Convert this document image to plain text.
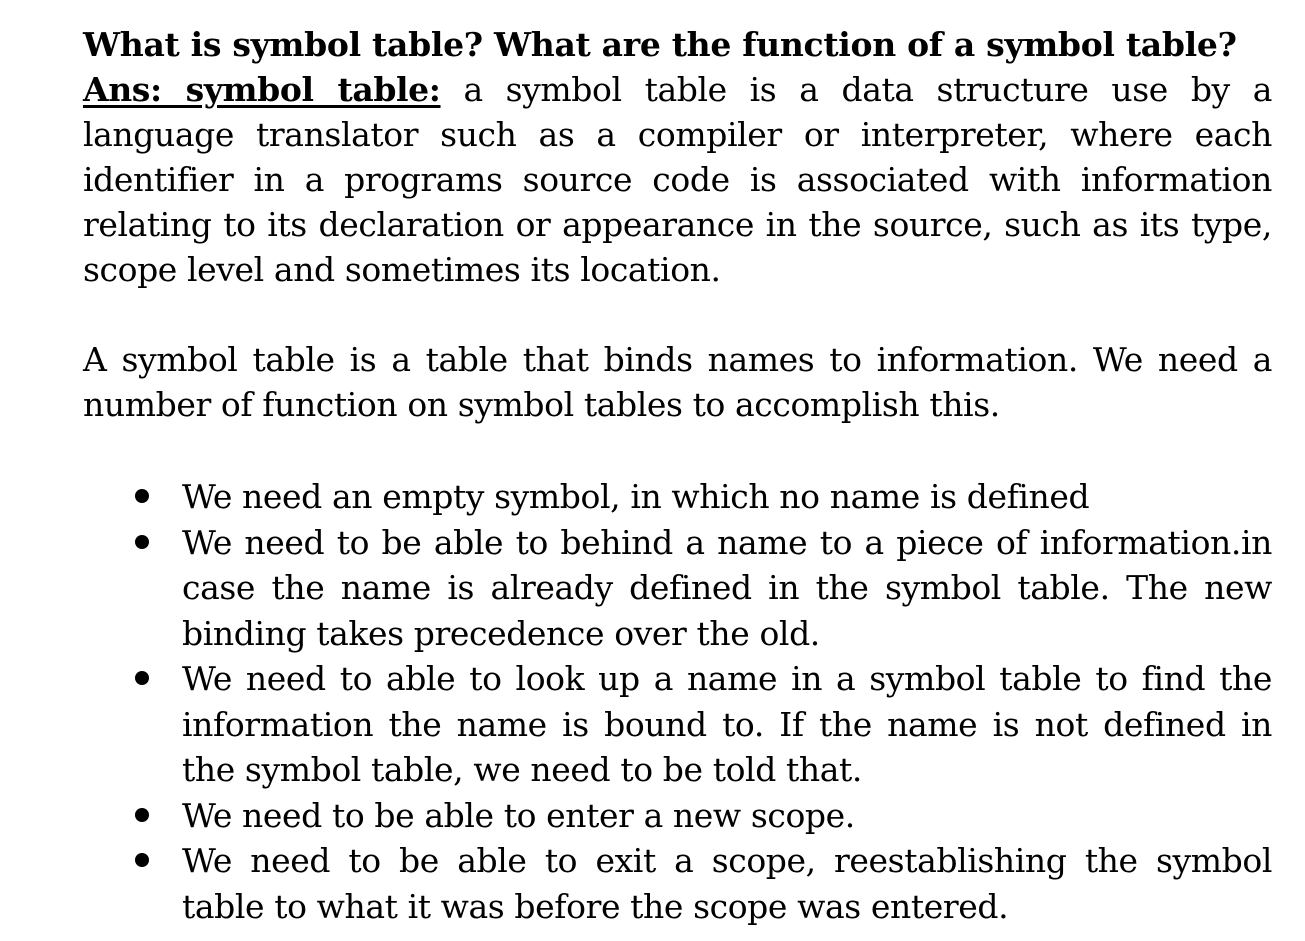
What is symbol table? What are the function of a symbol table?

Ans: symbol table: a symbol table is a data structure use by a language translator such as a compiler or interpreter, where each identifier in a programs source code is associated with information relating to its declaration or appearance in the source, such as its type, scope level and sometimes its location.

A symbol table is a table that binds names to information. We need a number of function on symbol tables to accomplish this.

We need an empty symbol, in which no name is defined
We need to be able to behind a name to a piece of information.in case the name is already defined in the symbol table. The new binding takes precedence over the old.
We need to able to look up a name in a symbol table to find the information the name is bound to. If the name is not defined in the symbol table, we need to be told that.
We need to be able to enter a new scope.
We need to be able to exit a scope, reestablishing the symbol table to what it was before the scope was entered.
